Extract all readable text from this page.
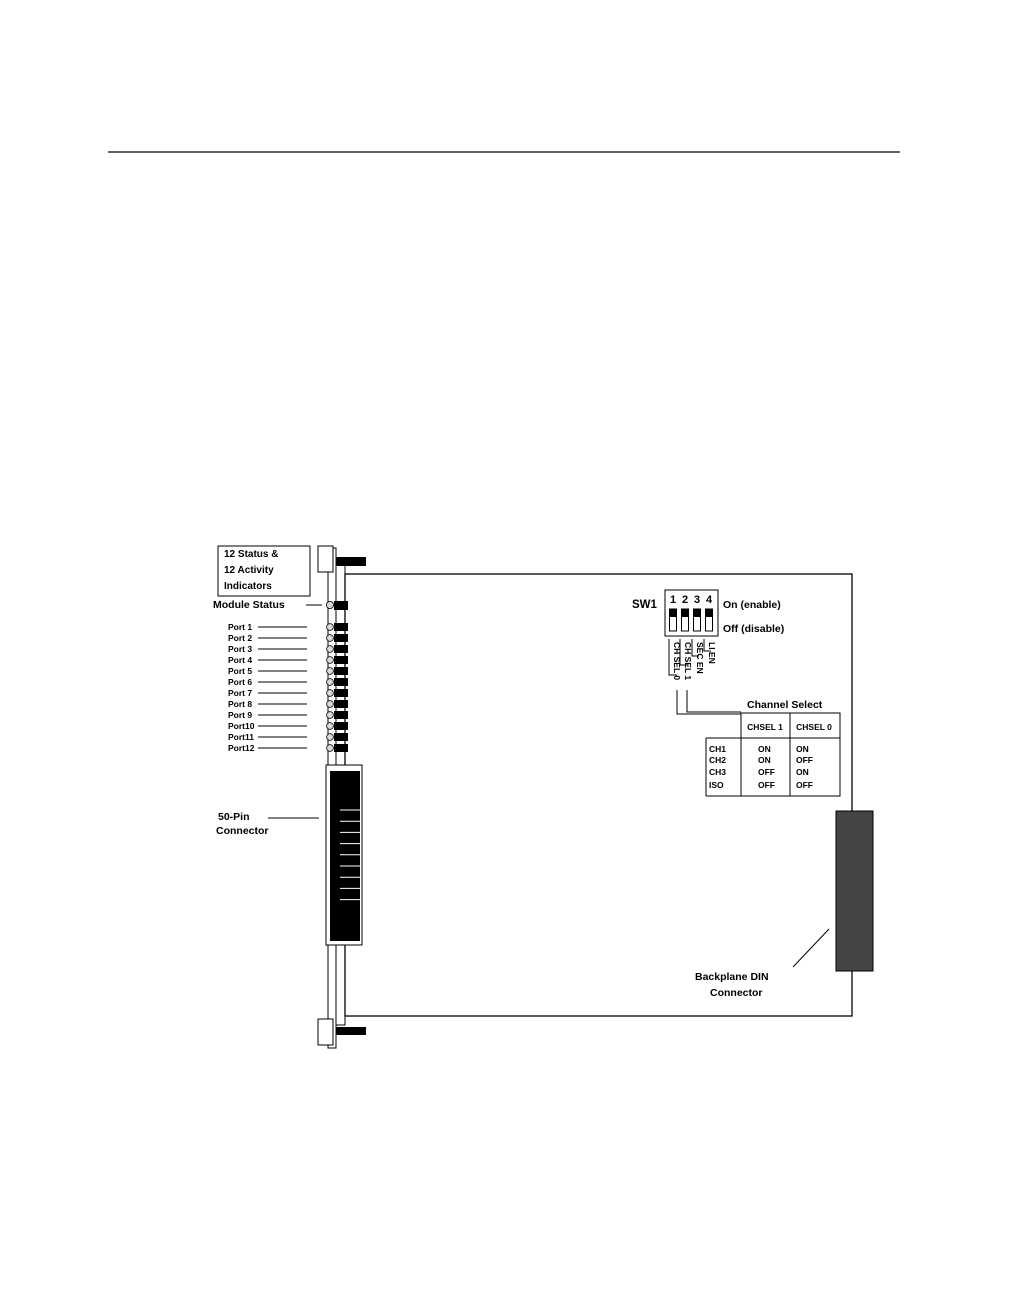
12 Status &
12 Activity
Indicators
Module Status
Port 1
Port 2
Port 3
Port 4
Port 5
Port 6
Port 7
Port 8
Port 9
Port10
Port11
Port12
50-Pin
Connector
SW1 1 2 3 4 On (enable)
Off (disable)
CH SEL 0 CH SEL 1 SEC EN LI EN
Channel Select
CHSEL 1 CHSEL 0
CH1	ON	ON
CH2	ON	OFF
CH3	OFF ON
ISO	OFF OFF
Backplane DIN
Connector
